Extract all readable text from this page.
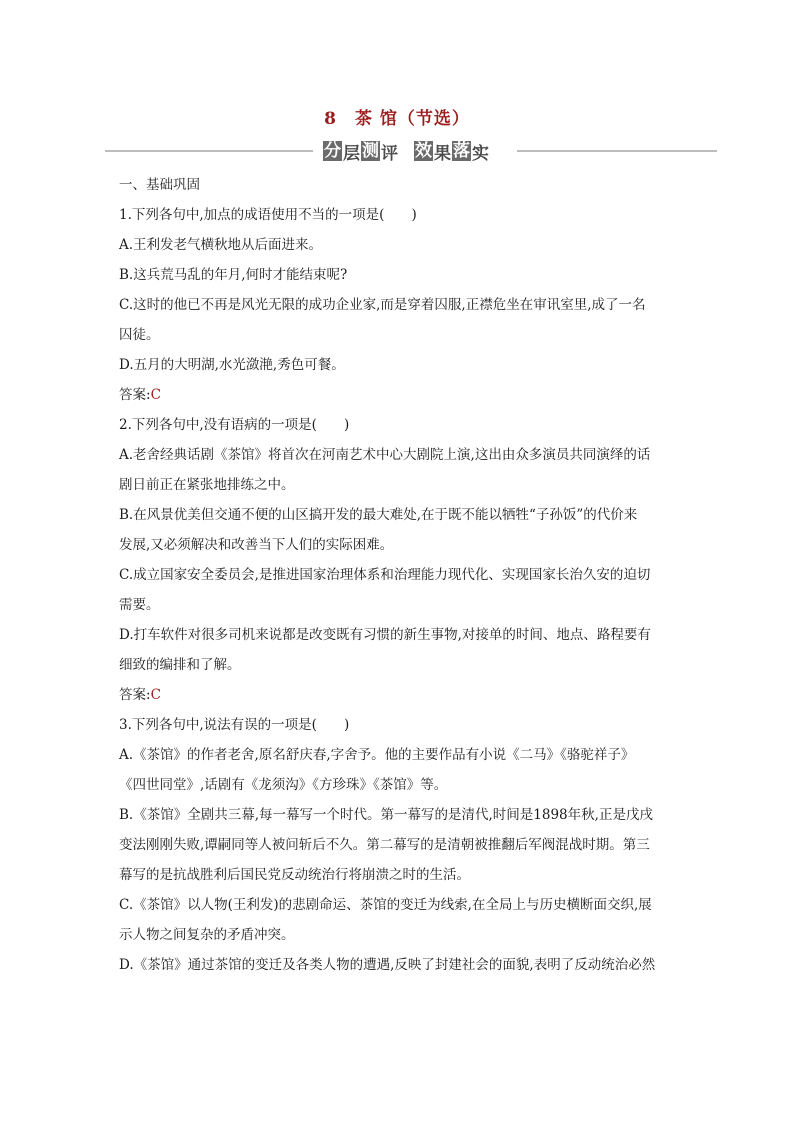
8　茶 馆（节选）
分 层 测 评 效 果 落 实
一、基础巩固
1.下列各句中,加点的成语使用不当的一项是(　　)
A.王利发老气横秋地从后面进来。
B.这兵荒马乱的年月,何时才能结束呢?
C.这时的他已不再是风光无限的成功企业家,而是穿着囚服,正襟危坐在审讯室里,成了一名
囚徒。
D.五月的大明湖,水光潋滟,秀色可餐。
答案:C
2.下列各句中,没有语病的一项是(　　)
A.老舍经典话剧《茶馆》将首次在河南艺术中心大剧院上演,这出由众多演员共同演绎的话
剧日前正在紧张地排练之中。
B.在风景优美但交通不便的山区搞开发的最大难处,在于既不能以牺牲“子孙饭”的代价来
发展,又必须解决和改善当下人们的实际困难。
C.成立国家安全委员会,是推进国家治理体系和治理能力现代化、实现国家长治久安的迫切
需要。
D.打车软件对很多司机来说都是改变既有习惯的新生事物,对接单的时间、地点、路程要有
细致的编排和了解。
答案:C
3.下列各句中,说法有误的一项是(　　)
A.《茶馆》的作者老舍,原名舒庆春,字舍予。他的主要作品有小说《二马》《骆驼祥子》
《四世同堂》,话剧有《龙须沟》《方珍珠》《茶馆》等。
B.《茶馆》全剧共三幕,每一幕写一个时代。第一幕写的是清代,时间是1898年秋,正是戊戌
变法刚刚失败,谭嗣同等人被问斩后不久。第二幕写的是清朝被推翻后军阀混战时期。第三
幕写的是抗战胜利后国民党反动统治行将崩溃之时的生活。
C.《茶馆》以人物(王利发)的悲剧命运、茶馆的变迁为线索,在全局上与历史横断面交织,展
示人物之间复杂的矛盾冲突。
D.《茶馆》通过茶馆的变迁及各类人物的遭遇,反映了封建社会的面貌,表明了反动统治必然
